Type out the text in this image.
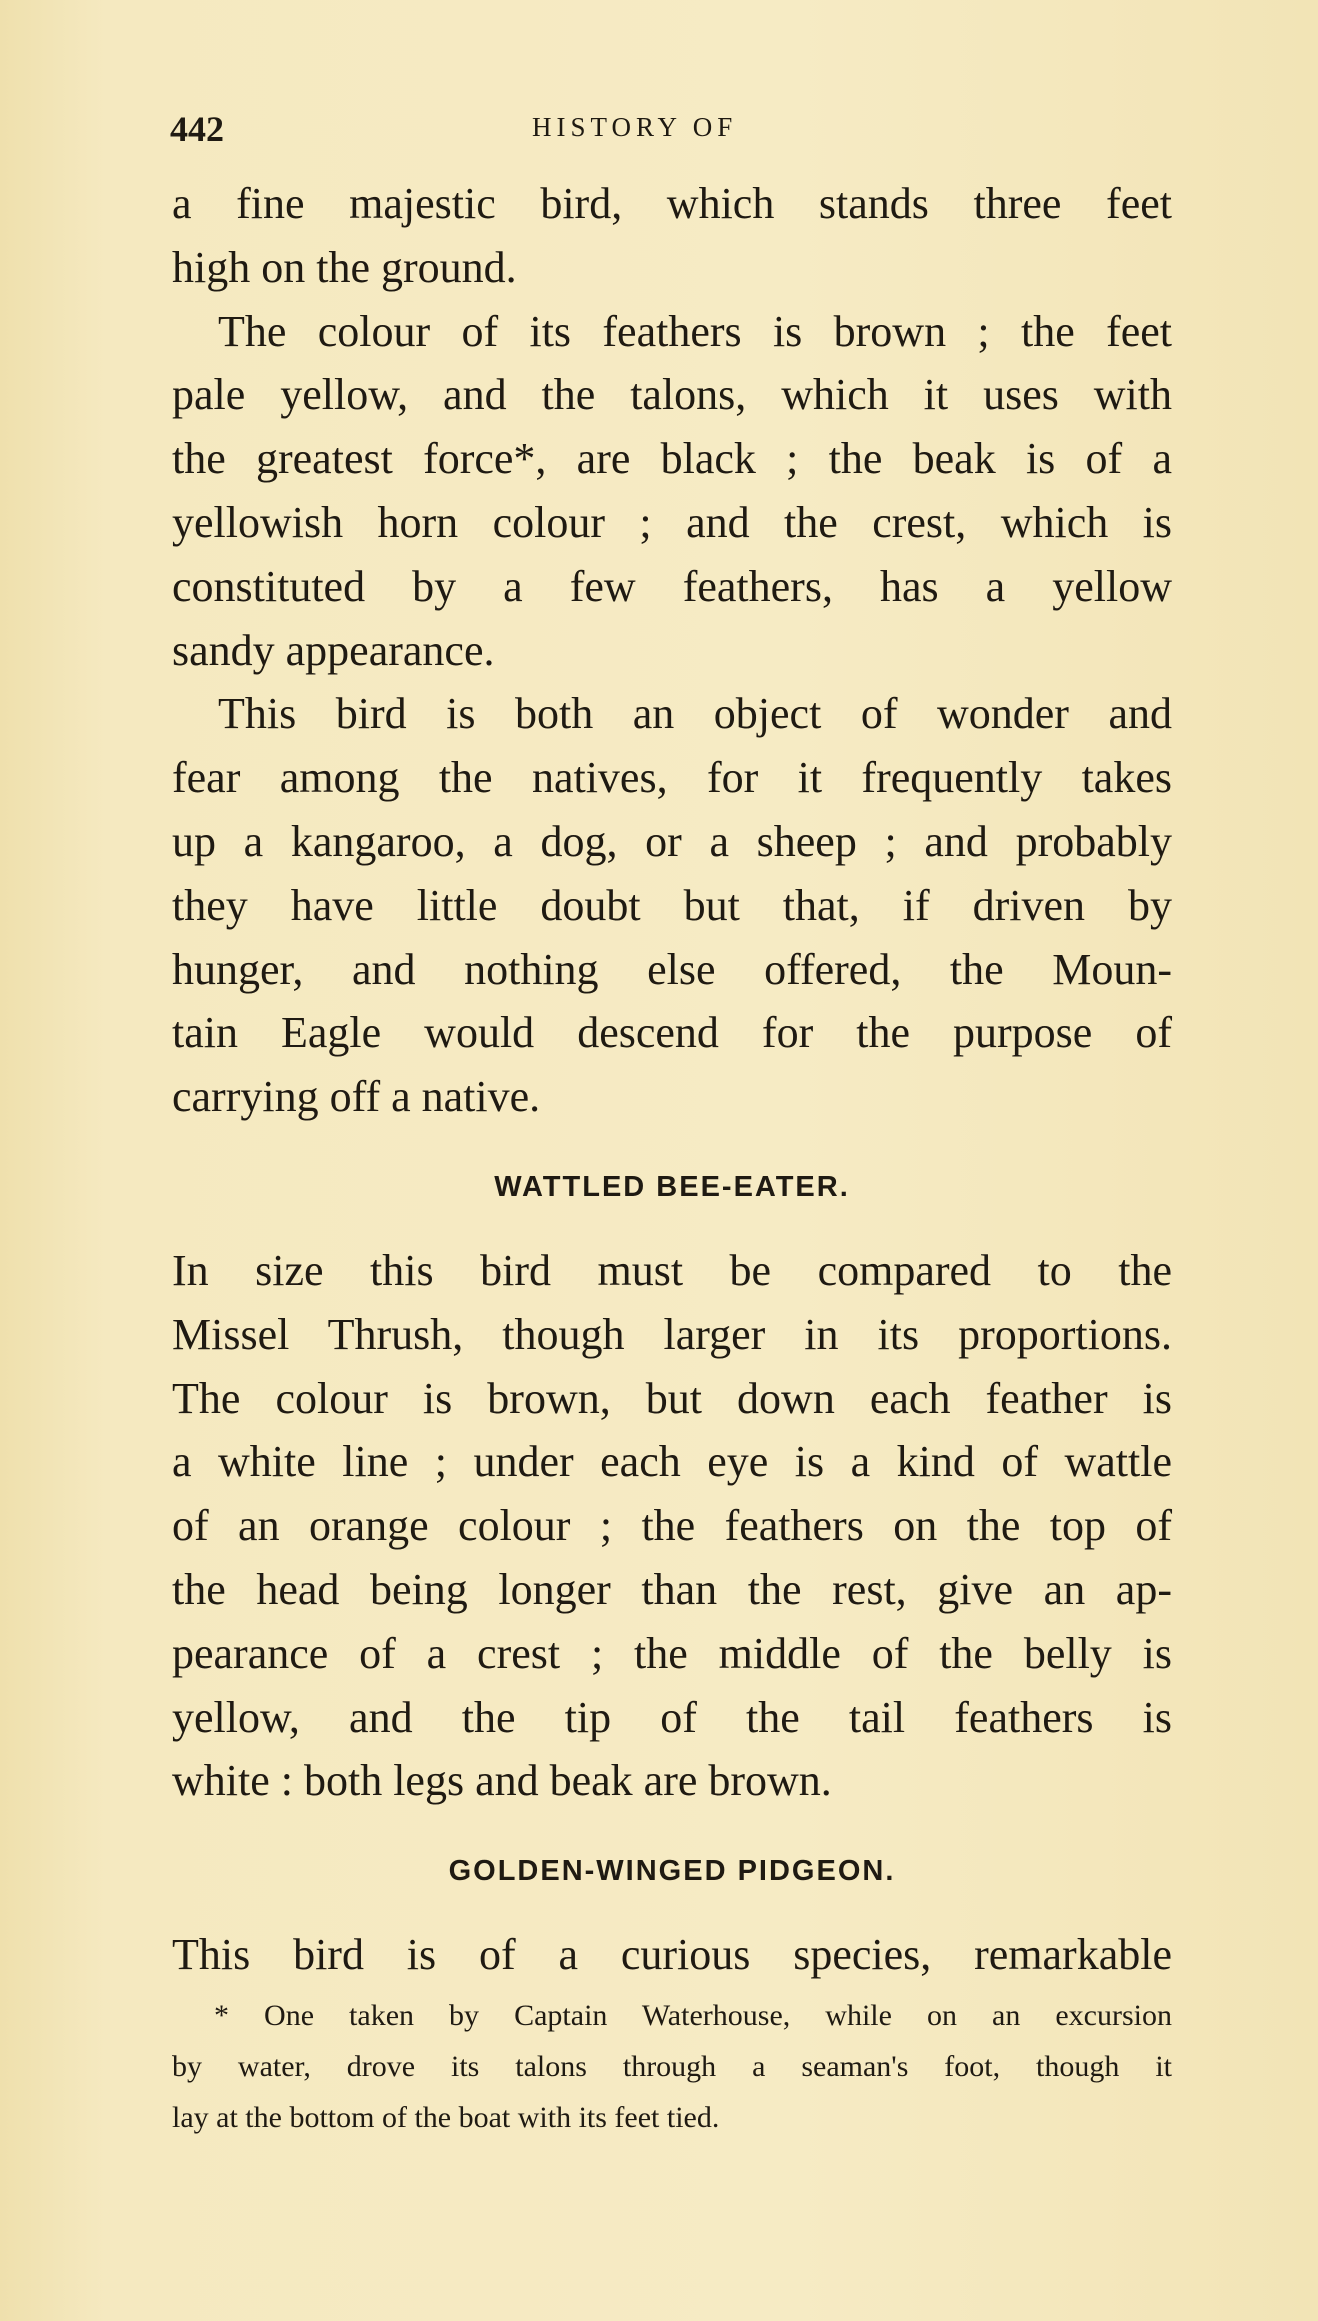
442	HISTORY OF
a fine majestic bird, which stands three feet
high on the ground.
The colour of its feathers is brown ; the feet
pale yellow, and the talons, which it uses with
the greatest force*, are black ; the beak is of a
yellowish horn colour ; and the crest, which is
constituted by a few feathers, has a yellow
sandy appearance.
This bird is both an object of wonder and
fear among the natives, for it frequently takes
up a kangaroo, a dog, or a sheep ; and probably
they have little doubt but that, if driven by
hunger, and nothing else offered, the Moun-
tain Eagle would descend for the purpose of
carrying off a native.
WATTLED BEE-EATER.
In size this bird must be compared to the
Missel Thrush, though larger in its proportions.
The colour is brown, but down each feather is
a white line ; under each eye is a kind of wattle
of an orange colour ; the feathers on the top of
the head being longer than the rest, give an ap-
pearance of a crest ; the middle of the belly is
yellow, and the tip of the tail feathers is
white : both legs and beak are brown.
GOLDEN-WINGED PIDGEON.
This bird is of a curious species, remarkable
* One taken by Captain Waterhouse, while on an excursion
by water, drove its talons through a seaman's foot, though it
lay at the bottom of the boat with its feet tied.
